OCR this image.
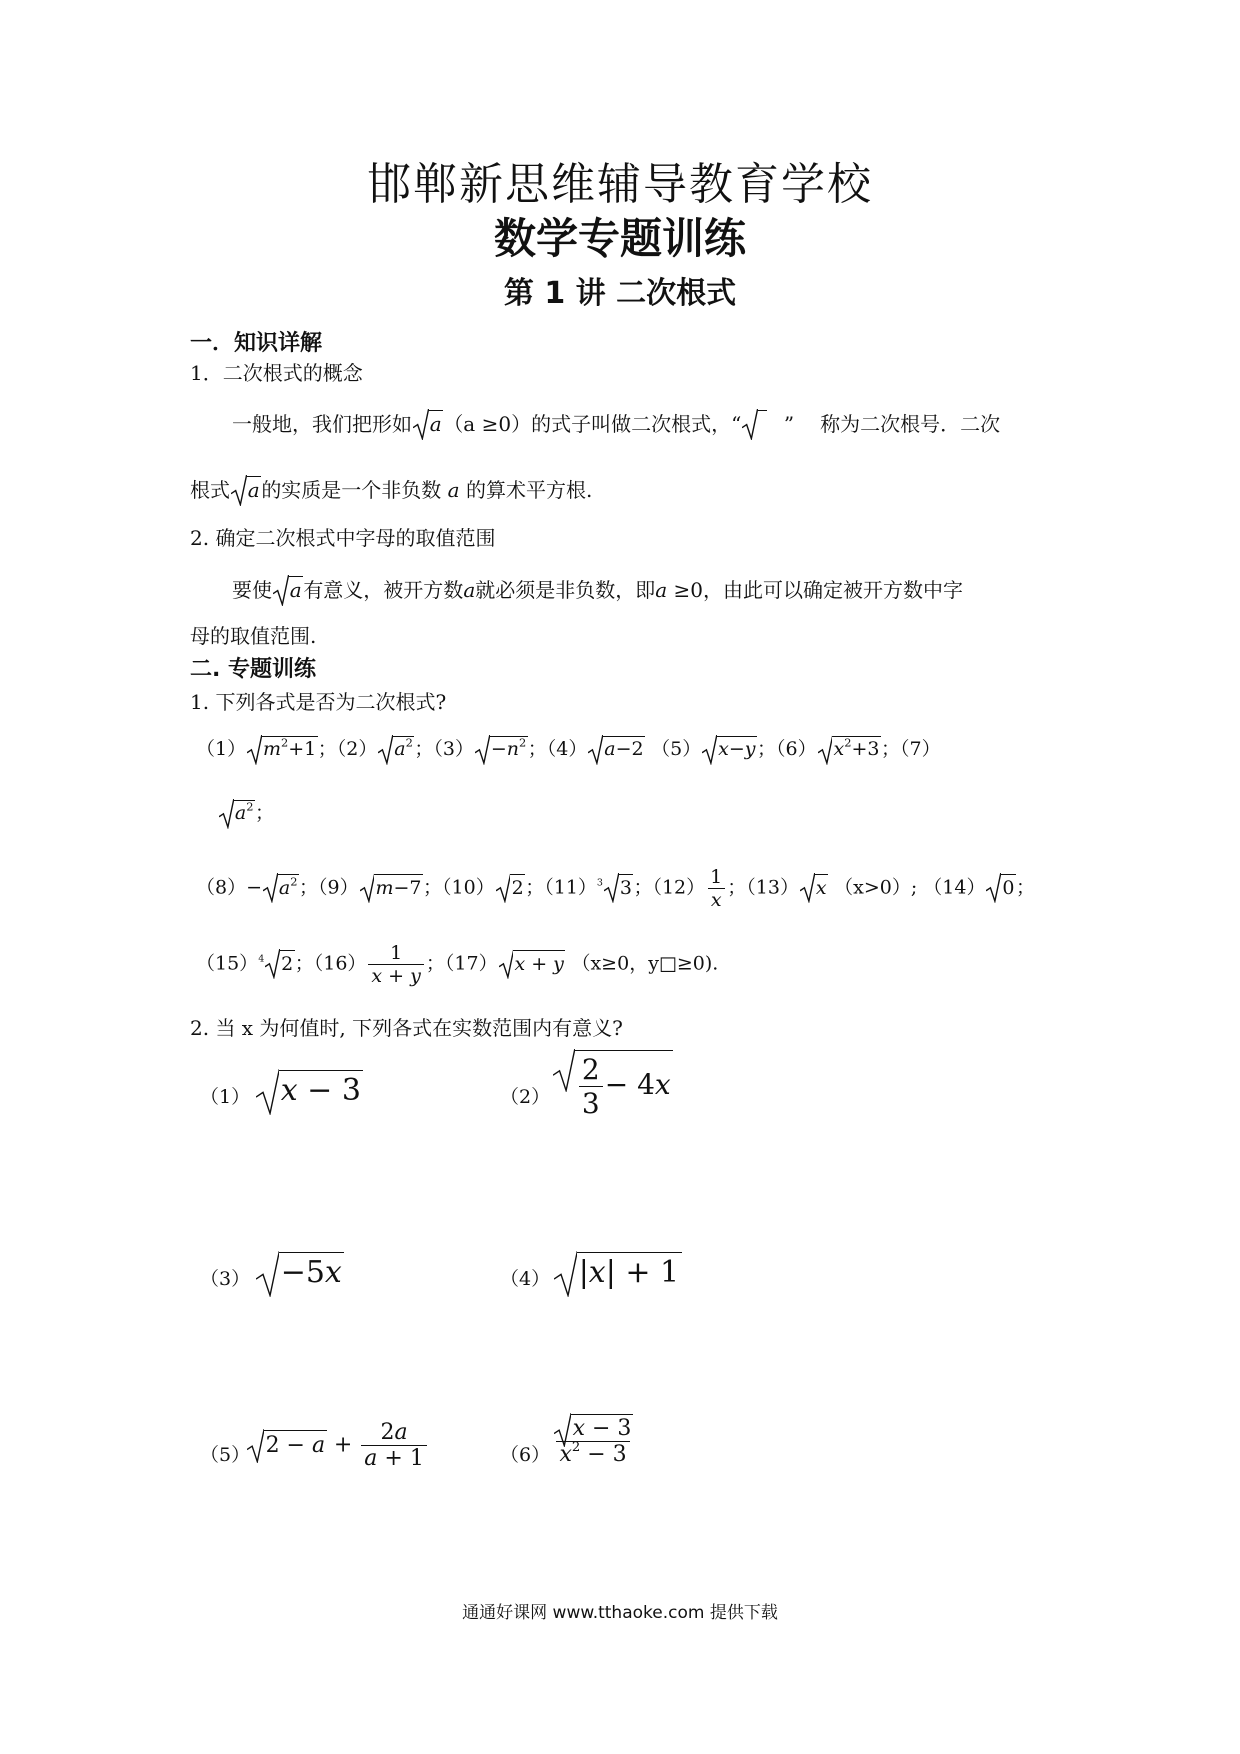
邯郸新思维辅导教育学校
数学专题训练
第 1 讲 二次根式
一．知识详解
1．二次根式的概念
一般地，我们把形如 a（a ≥0）的式子叫做二次根式，“ ” 称为二次根号．二次
根式 a的实质是一个非负数 a 的算术平方根.
2. 确定二次根式中字母的取值范围
要使 a有意义，被开方数a就必须是非负数，即a ≥0，由此可以确定被开方数中字
母的取值范围.
二. 专题训练
1. 下列各式是否为二次根式?
（1） $m^2+1$；（2） $a^2$；$(3) -n^2$；（4） a−2 （5） x−y；（6） $x^2+3$；（7）
$a^2$；
$(8)- a^2$；（9） m−7；（10） 2；$(11)^3$ 3；$(12) \frac{1}{x}$ ；（13） x （x>0）; （14） 0；
$(15)^4$ 2；$(16) \frac{1}{x + y}$ ；（17） x + y （x≥0，y□≥0).
2. 当 x 为何值时, 下列各式在实数范围内有意义?
（1）	x − 3	$(2) \frac{2}{3} - 4x$
（3）	−5x	（4） |x| + 1
（5） $2 - a + \frac{2a}{a + 1}$	$(6) \frac{x - 3}{x^2 - 3}$
通通好课网 www.tthaoke.com 提供下载
